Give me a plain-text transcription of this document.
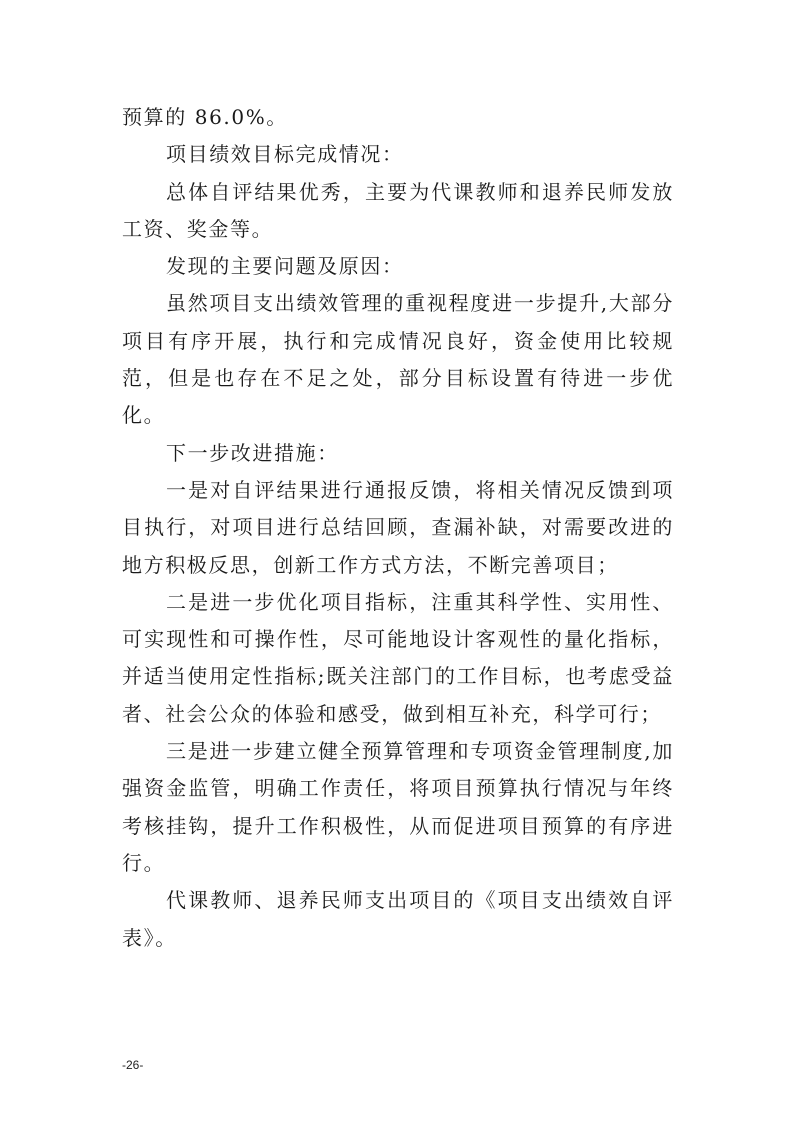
预算的 86.0%。

项目绩效目标完成情况：

总体自评结果优秀，主要为代课教师和退养民师发放工资、奖金等。

发现的主要问题及原因：

虽然项目支出绩效管理的重视程度进一步提升,大部分项目有序开展，执行和完成情况良好，资金使用比较规范，但是也存在不足之处，部分目标设置有待进一步优化。

下一步改进措施：

一是对自评结果进行通报反馈，将相关情况反馈到项目执行，对项目进行总结回顾，查漏补缺，对需要改进的地方积极反思，创新工作方式方法，不断完善项目；

二是进一步优化项目指标，注重其科学性、实用性、可实现性和可操作性，尽可能地设计客观性的量化指标，并适当使用定性指标;既关注部门的工作目标，也考虑受益者、社会公众的体验和感受，做到相互补充，科学可行；

三是进一步建立健全预算管理和专项资金管理制度,加强资金监管，明确工作责任，将项目预算执行情况与年终考核挂钩，提升工作积极性，从而促进项目预算的有序进行。

代课教师、退养民师支出项目的《项目支出绩效自评表》。

-26-
